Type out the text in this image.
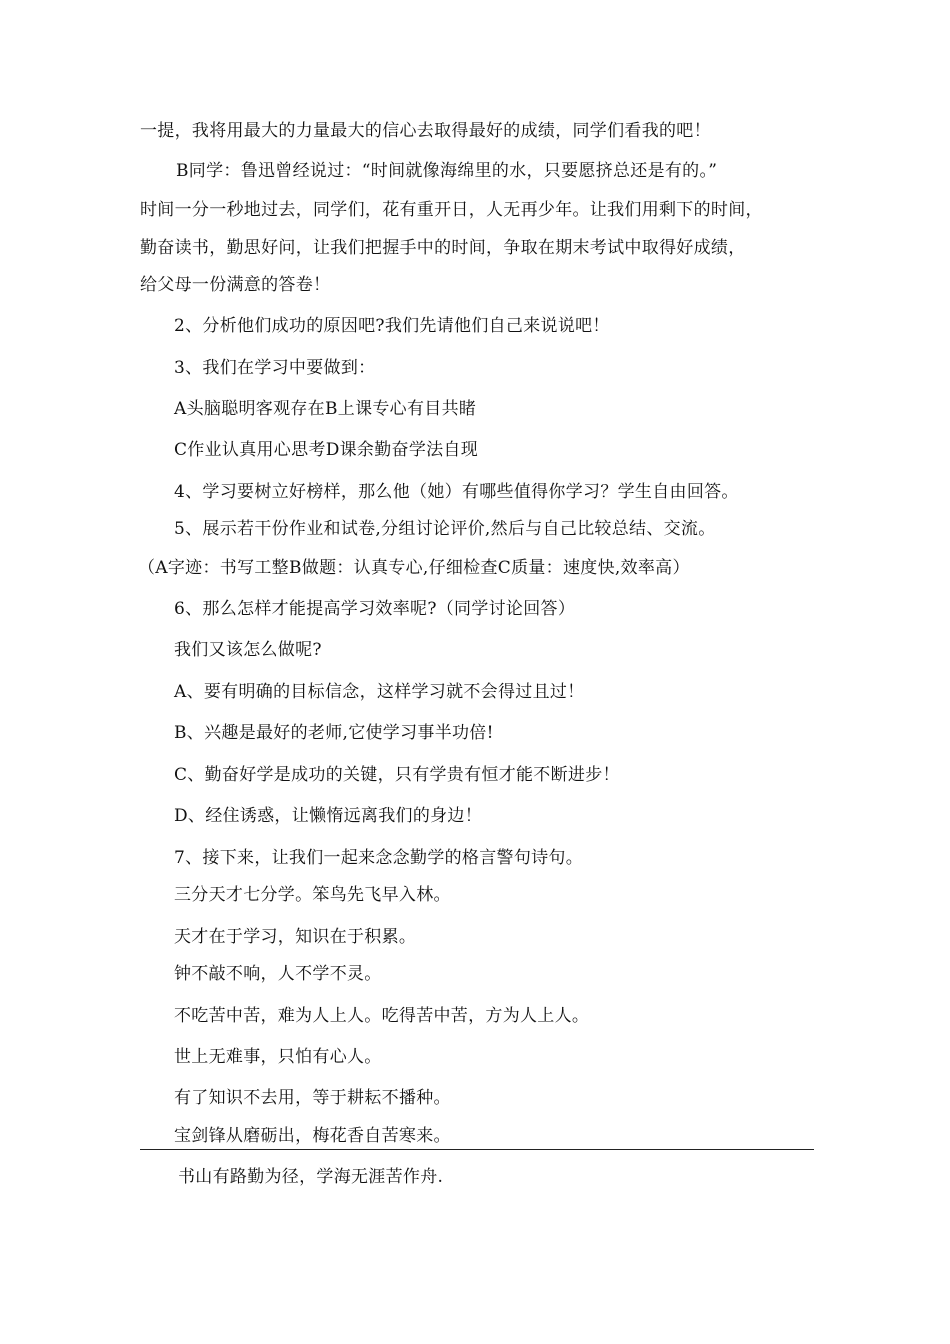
一提，我将用最大的力量最大的信心去取得最好的成绩，同学们看我的吧！
B同学：鲁迅曾经说过：“时间就像海绵里的水，只要愿挤总还是有的。”
时间一分一秒地过去，同学们，花有重开日，人无再少年。让我们用剩下的时间，
勤奋读书，勤思好问，让我们把握手中的时间，争取在期末考试中取得好成绩，
给父母一份满意的答卷！
2、分析他们成功的原因吧?我们先请他们自己来说说吧！
3、我们在学习中要做到：
A头脑聪明客观存在B上课专心有目共睹
C作业认真用心思考D课余勤奋学法自现
4、学习要树立好榜样，那么他（她）有哪些值得你学习？学生自由回答。
5、展示若干份作业和试卷,分组讨论评价,然后与自己比较总结、交流。
（A字迹：书写工整B做题：认真专心,仔细检查C质量：速度快,效率高）
6、那么怎样才能提高学习效率呢?（同学讨论回答）
我们又该怎么做呢?
A、要有明确的目标信念，这样学习就不会得过且过！
B、兴趣是最好的老师,它使学习事半功倍!
C、勤奋好学是成功的关键，只有学贵有恒才能不断进步！
D、经住诱惑，让懒惰远离我们的身边！
7、接下来，让我们一起来念念勤学的格言警句诗句。
三分天才七分学。笨鸟先飞早入林。
天才在于学习，知识在于积累。
钟不敲不响，人不学不灵。
不吃苦中苦，难为人上人。吃得苦中苦，方为人上人。
世上无难事，只怕有心人。
有了知识不去用，等于耕耘不播种。
宝剑锋从磨砺出，梅花香自苦寒来。
书山有路勤为径，学海无涯苦作舟.
